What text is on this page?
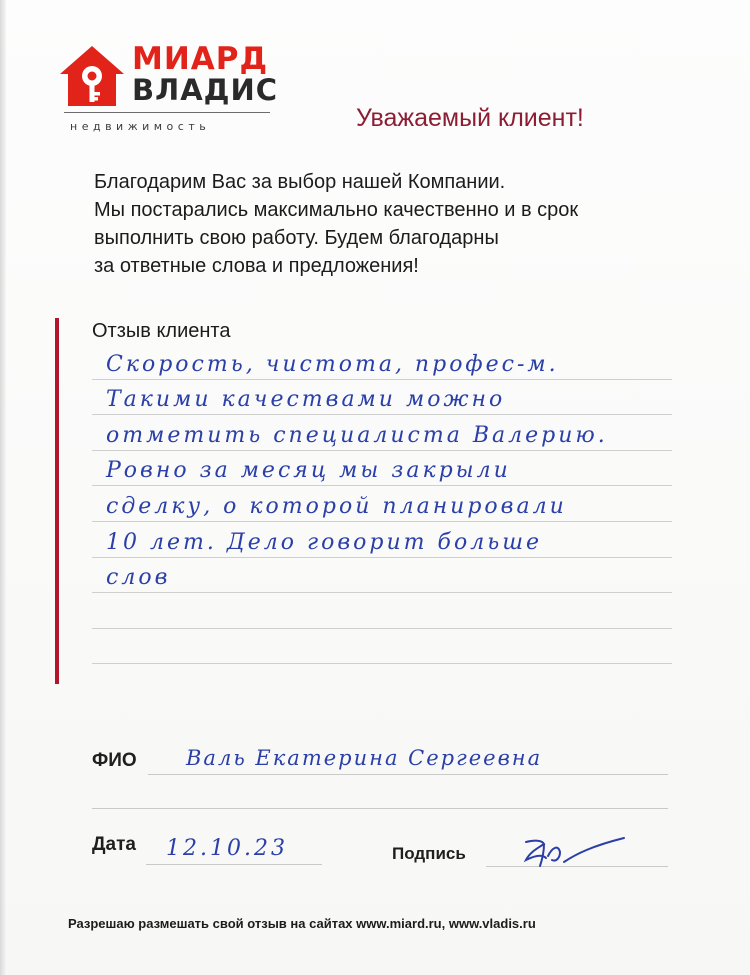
МИАРД
ВЛАДИС
недвижимость	Уважаемый клиент!
Благодарим Вас за выбор нашей Компании.
Мы постарались максимально качественно и в срок
выполнить свою работу. Будем благодарны
за ответные слова и предложения!
Отзыв клиента
Скорость, чистота, профес-м.
Такими качествами можно
отметить специалиста Валерию.
Ровно за месяц мы закрыли
сделку, о которой планировали
10 лет. Дело говорит больше
слов
ФИО Валь Екатерина Сергеевна
Дата 12.10.23	Подпись
Разрешаю размешать свой отзыв на сайтах www.miard.ru, www.vladis.ru
